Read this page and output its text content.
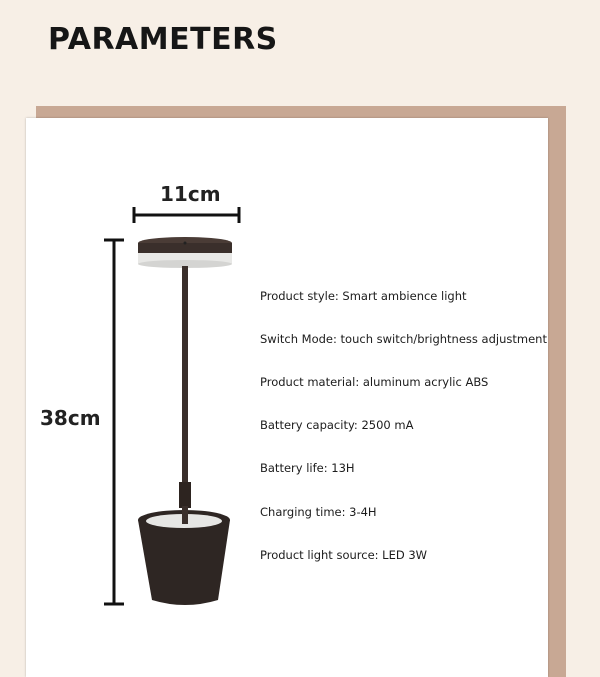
PARAMETERS
11cm
38cm
Product style: Smart ambience light
Switch Mode: touch switch/brightness adjustment
Product material: aluminum acrylic ABS
Battery capacity: 2500 mA
Battery life: 13H
Charging time: 3-4H
Product light source: LED 3W
